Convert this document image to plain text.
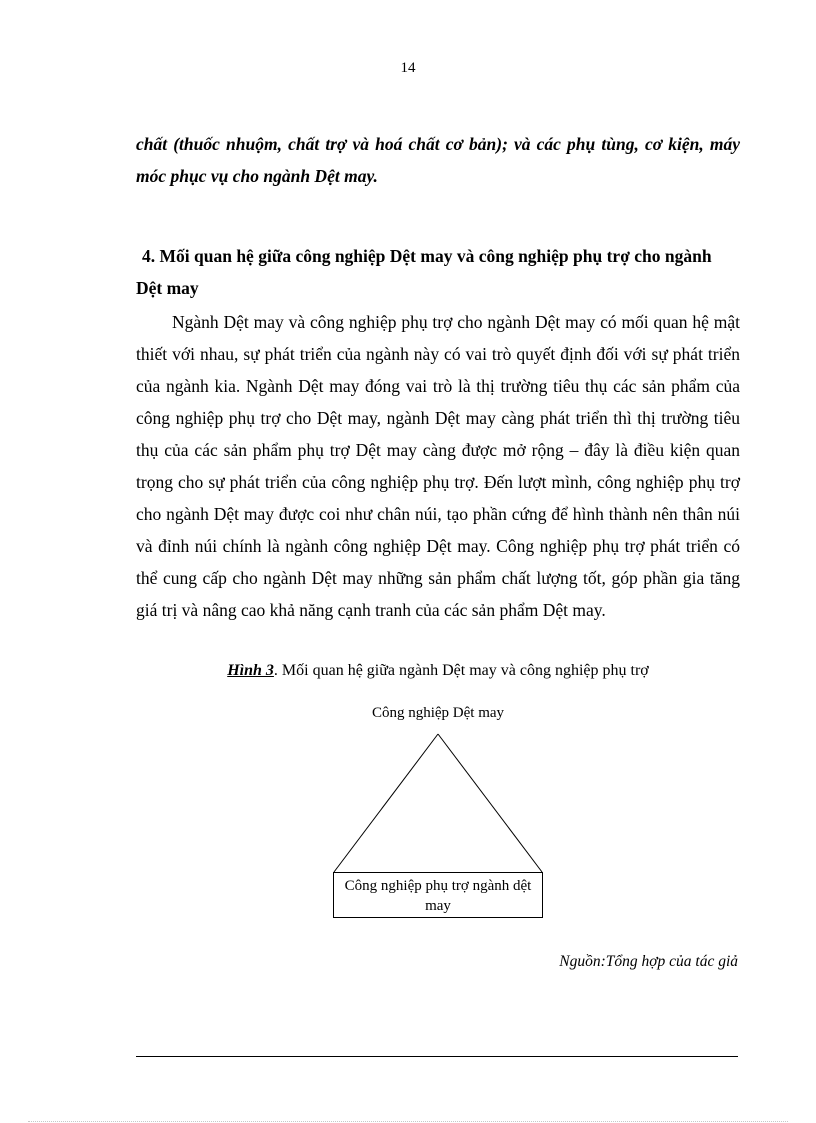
14
chất (thuốc nhuộm, chất trợ và hoá chất cơ bản); và các phụ tùng, cơ kiện, máy móc phục vụ cho ngành Dệt may.
4. Mối quan hệ giữa công nghiệp Dệt may và công nghiệp phụ trợ cho ngành Dệt may

Ngành Dệt may và công nghiệp phụ trợ cho ngành Dệt may có mối quan hệ mật thiết với nhau, sự phát triển của ngành này có vai trò quyết định đối với sự phát triển của ngành kia. Ngành Dệt may đóng vai trò là thị trường tiêu thụ các sản phẩm của công nghiệp phụ trợ cho Dệt may, ngành Dệt may càng phát triển thì thị trường tiêu thụ của các sản phẩm phụ trợ Dệt may càng được mở rộng – đây là điều kiện quan trọng cho sự phát triển của công nghiệp phụ trợ. Đến lượt mình, công nghiệp phụ trợ cho ngành Dệt may được coi như chân núi, tạo phần cứng để hình thành nên thân núi và đỉnh núi chính là ngành công nghiệp Dệt may. Công nghiệp phụ trợ phát triển có thể cung cấp cho ngành Dệt may những sản phẩm chất lượng tốt, góp phần gia tăng giá trị và nâng cao khả năng cạnh tranh của các sản phẩm Dệt may.

Hình 3. Mối quan hệ giữa ngành Dệt may và công nghiệp phụ trợ
Công nghiệp Dệt may
Công nghiệp phụ trợ ngành dệt may
Nguồn:Tổng hợp của tác giả
